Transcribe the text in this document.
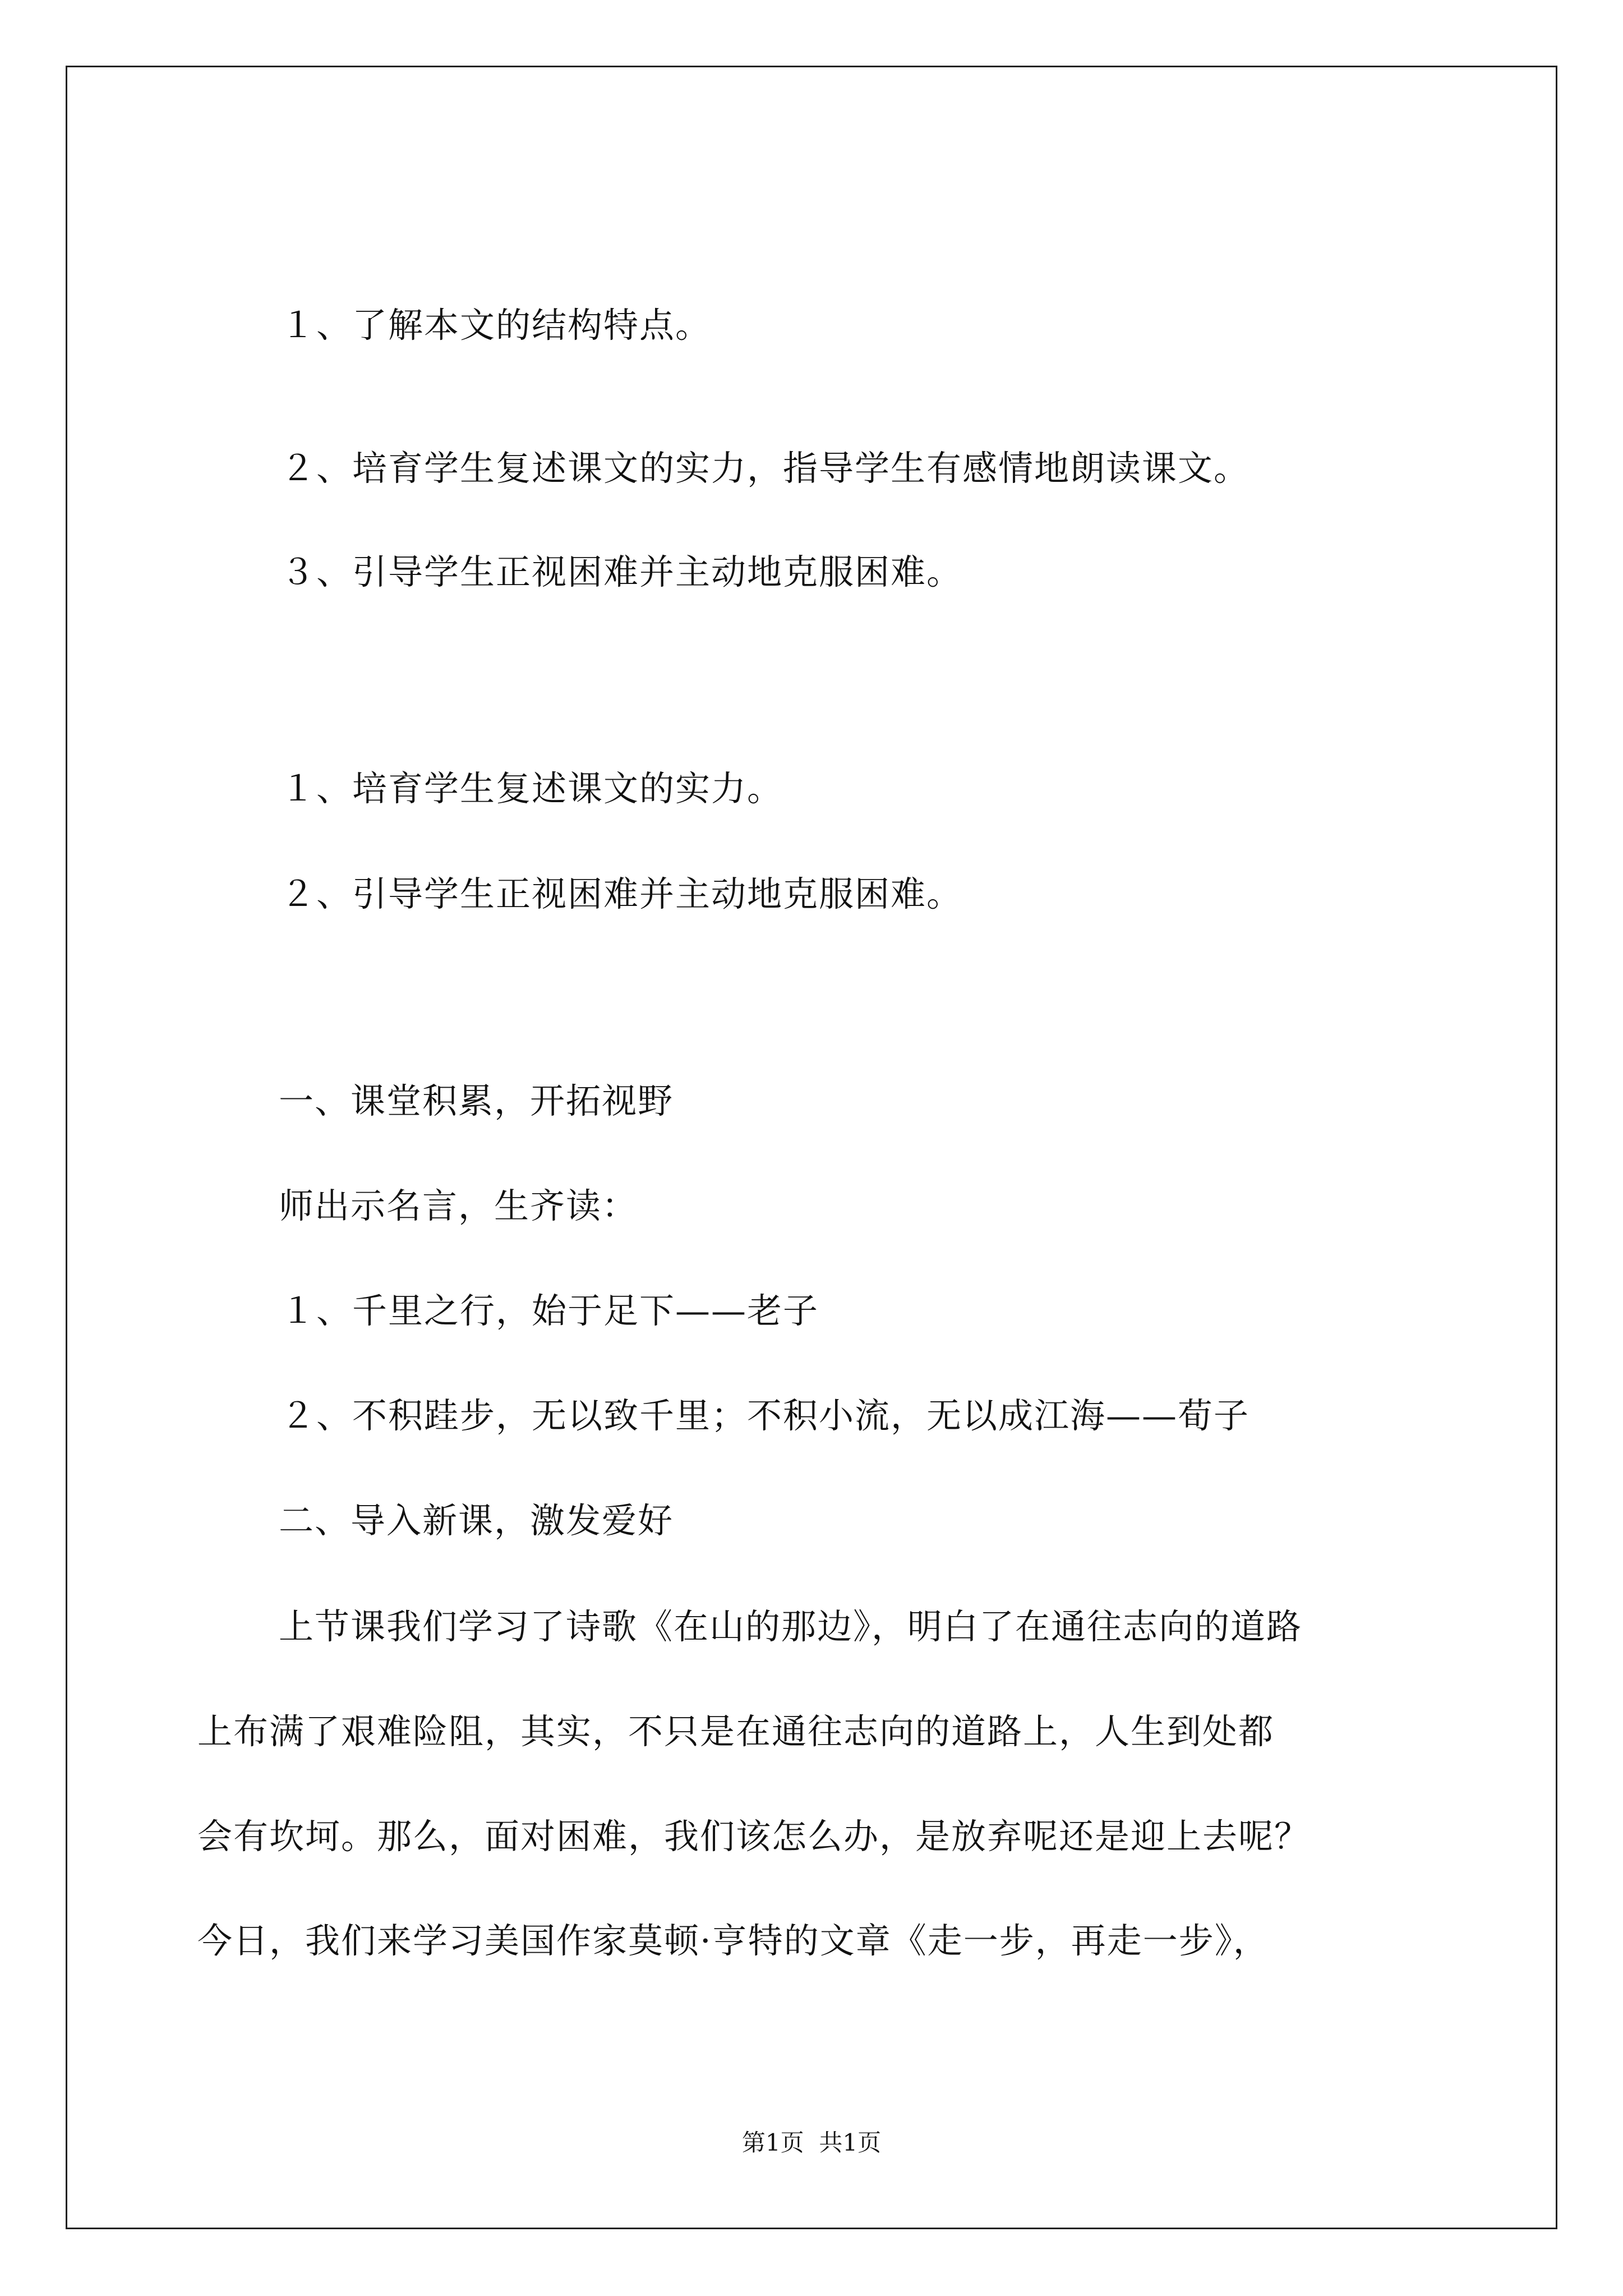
１、了解本文的结构特点。
２、培育学生复述课文的实力，指导学生有感情地朗读课文。
３、引导学生正视困难并主动地克服困难。
１、培育学生复述课文的实力。
２、引导学生正视困难并主动地克服困难。
一、课堂积累，开拓视野
师出示名言，生齐读：
１、千里之行，始于足下——老子
２、不积跬步，无以致千里；不积小流，无以成江海——荀子
二、导入新课，激发爱好
上节课我们学习了诗歌《在山的那边》，明白了在通往志向的道路
上布满了艰难险阻，其实，不只是在通往志向的道路上，人生到处都
会有坎坷。那么，面对困难，我们该怎么办，是放弃呢还是迎上去呢？
今日，我们来学习美国作家莫顿·亨特的文章《走一步，再走一步》，
第1页  共1页
